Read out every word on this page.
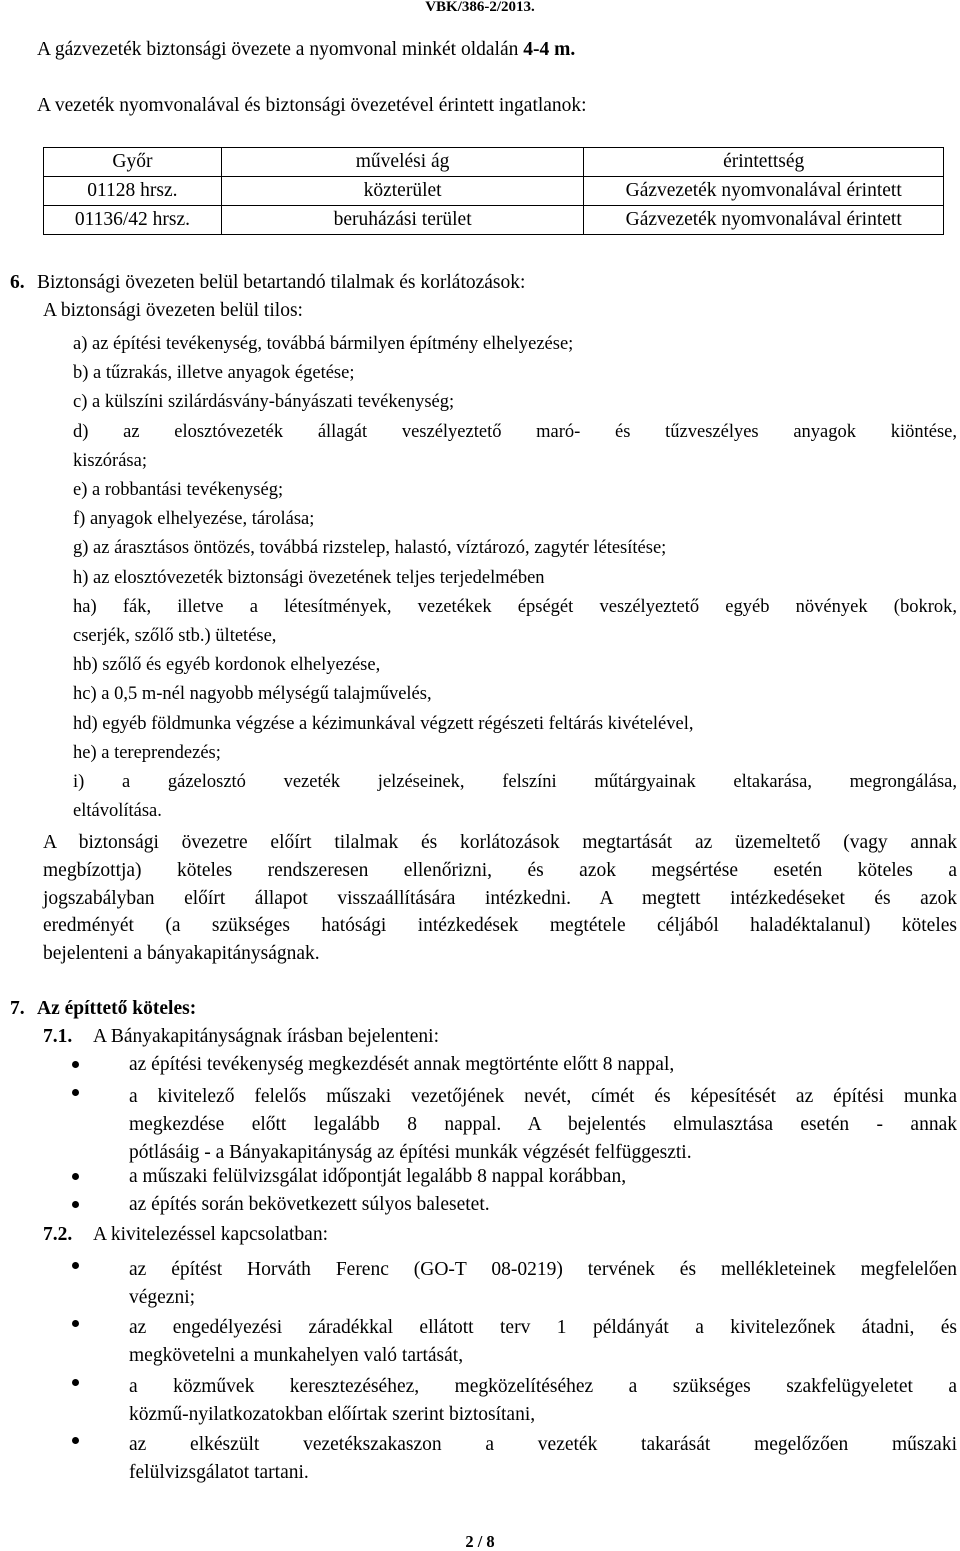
VBK/386-2/2013.
A gázvezeték biztonsági övezete a nyomvonal minkét oldalán 4-4 m.
A vezeték nyomvonalával és biztonsági övezetével érintett ingatlanok:
Győr	művelési ág	érintettség
01128 hrsz.	közterület	Gázvezeték nyomvonalával érintett
01136/42 hrsz.	beruházási terület	Gázvezeték nyomvonalával érintett
6. Biztonsági övezeten belül betartandó tilalmak és korlátozások:
A biztonsági övezeten belül tilos:
a) az építési tevékenység, továbbá bármilyen építmény elhelyezése;
b) a tűzrakás, illetve anyagok égetése;
c) a külszíni szilárdásvány-bányászati tevékenység;
d) az elosztóvezeték állagát veszélyeztető maró- és tűzveszélyes anyagok kiöntése,
kiszórása;
e) a robbantási tevékenység;
f) anyagok elhelyezése, tárolása;
g) az árasztásos öntözés, továbbá rizstelep, halastó, víztározó, zagytér létesítése;
h) az elosztóvezeték biztonsági övezetének teljes terjedelmében
ha) fák, illetve a létesítmények, vezetékek épségét veszélyeztető egyéb növények (bokrok,
cserjék, szőlő stb.) ültetése,
hb) szőlő és egyéb kordonok elhelyezése,
hc) a 0,5 m-nél nagyobb mélységű talajművelés,
hd) egyéb földmunka végzése a kézimunkával végzett régészeti feltárás kivételével,
he) a tereprendezés;
i) a gázelosztó vezeték jelzéseinek, felszíni műtárgyainak eltakarása, megrongálása,
eltávolítása.
A biztonsági övezetre előírt tilalmak és korlátozások megtartását az üzemeltető (vagy annak
megbízottja) köteles rendszeresen ellenőrizni, és azok megsértése esetén köteles a
jogszabályban előírt állapot visszaállítására intézkedni. A megtett intézkedéseket és azok
eredményét (a szükséges hatósági intézkedések megtétele céljából haladéktalanul) köteles
bejelenteni a bányakapitányságnak.
7. Az építtető köteles:
7.1. A Bányakapitányságnak írásban bejelenteni:
az építési tevékenység megkezdését annak megtörténte előtt 8 nappal,
a kivitelező felelős műszaki vezetőjének nevét, címét és képesítését az építési munka
megkezdése előtt legalább 8 nappal. A bejelentés elmulasztása esetén - annak
pótlásáig - a Bányakapitányság az építési munkák végzését felfüggeszti.
a műszaki felülvizsgálat időpontját legalább 8 nappal korábban,
az építés során bekövetkezett súlyos balesetet.
7.2. A kivitelezéssel kapcsolatban:
az építést Horváth Ferenc (GO-T 08-0219) tervének és mellékleteinek megfelelően
végezni;
az engedélyezési záradékkal ellátott terv 1 példányát a kivitelezőnek átadni, és
megkövetelni a munkahelyen való tartását,
a közművek keresztezéséhez, megközelítéséhez a szükséges szakfelügyeletet a
közmű-nyilatkozatokban előírtak szerint biztosítani,
az elkészült vezetékszakaszon a vezeték takarását megelőzően műszaki
felülvizsgálatot tartani.
2 / 8
